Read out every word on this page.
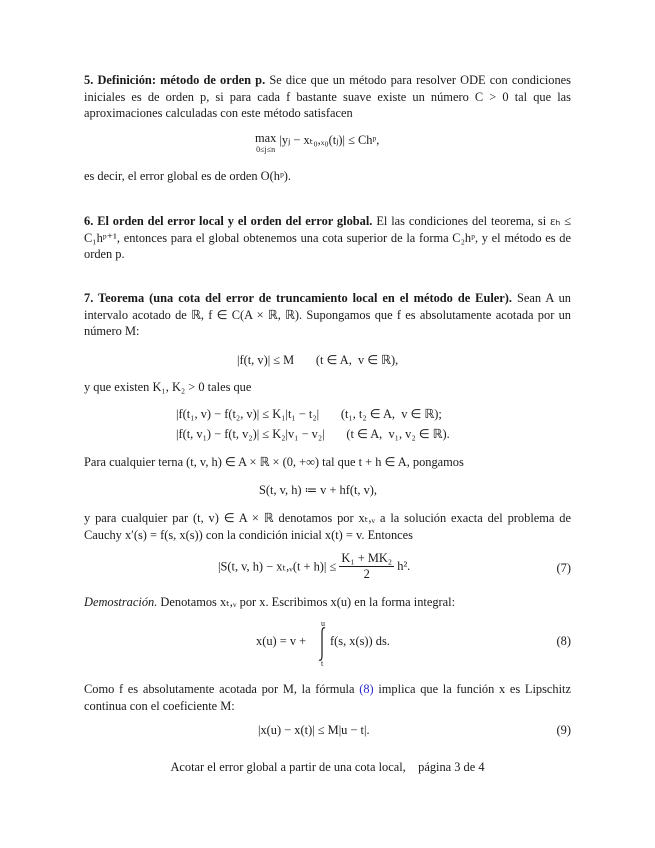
5. Definición: método de orden p. Se dice que un método para resolver ODE con condiciones iniciales es de orden p, si para cada f bastante suave existe un número C > 0 tal que las aproximaciones calculadas con este método satisfacen
max
0≤j≤n
|yⱼ − xₜ₀,ₓ₀(tⱼ)| ≤ Chᵖ,
es decir, el error global es de orden O(hᵖ).
6. El orden del error local y el orden del error global. El las condiciones del teorema, si εₕ ≤ C₁hᵖ⁺¹, entonces para el global obtenemos una cota superior de la forma C₂hᵖ, y el método es de orden p.
7. Teorema (una cota del error de truncamiento local en el método de Euler). Sean A un intervalo acotado de ℝ, f ∈ C(A × ℝ, ℝ). Supongamos que f es absolutamente acotada por un número M:
|f(t, v)| ≤ M       (t ∈ A,  v ∈ ℝ),
y que existen K₁, K₂ > 0 tales que
|f(t₁, v) − f(t₂, v)| ≤ K₁|t₁ − t₂|       (t₁, t₂ ∈ A,  v ∈ ℝ);
|f(t, v₁) − f(t, v₂)| ≤ K₂|v₁ − v₂|       (t ∈ A,  v₁, v₂ ∈ ℝ).
Para cualquier terna (t, v, h) ∈ A × ℝ × (0, +∞) tal que t + h ∈ A, pongamos
S(t, v, h) ≔ v + hf(t, v),
y para cualquier par (t, v) ∈ A × ℝ denotamos por xₜ,ᵥ a la solución exacta del problema de Cauchy x′(s) = f(s, x(s)) con la condición inicial x(t) = v. Entonces
|S(t, v, h) − xₜ,ᵥ(t + $h)| \le \frac{\text{K₁ + MK₂}}{2} h^2$.	(7)
Demostración. Denotamos xₜ,ᵥ por x. Escribimos x(u) en la forma integral:
x(u) = v +
u
t
f(s, x(s)) ds.	(8)
Como f es absolutamente acotada por M, la fórmula (8) implica que la función x es Lipschitz continua con el coeficiente M:
|x(u) − x(t)| ≤ M|u − t|.	(9)
Acotar el error global a partir de una cota local,    página 3 de 4
